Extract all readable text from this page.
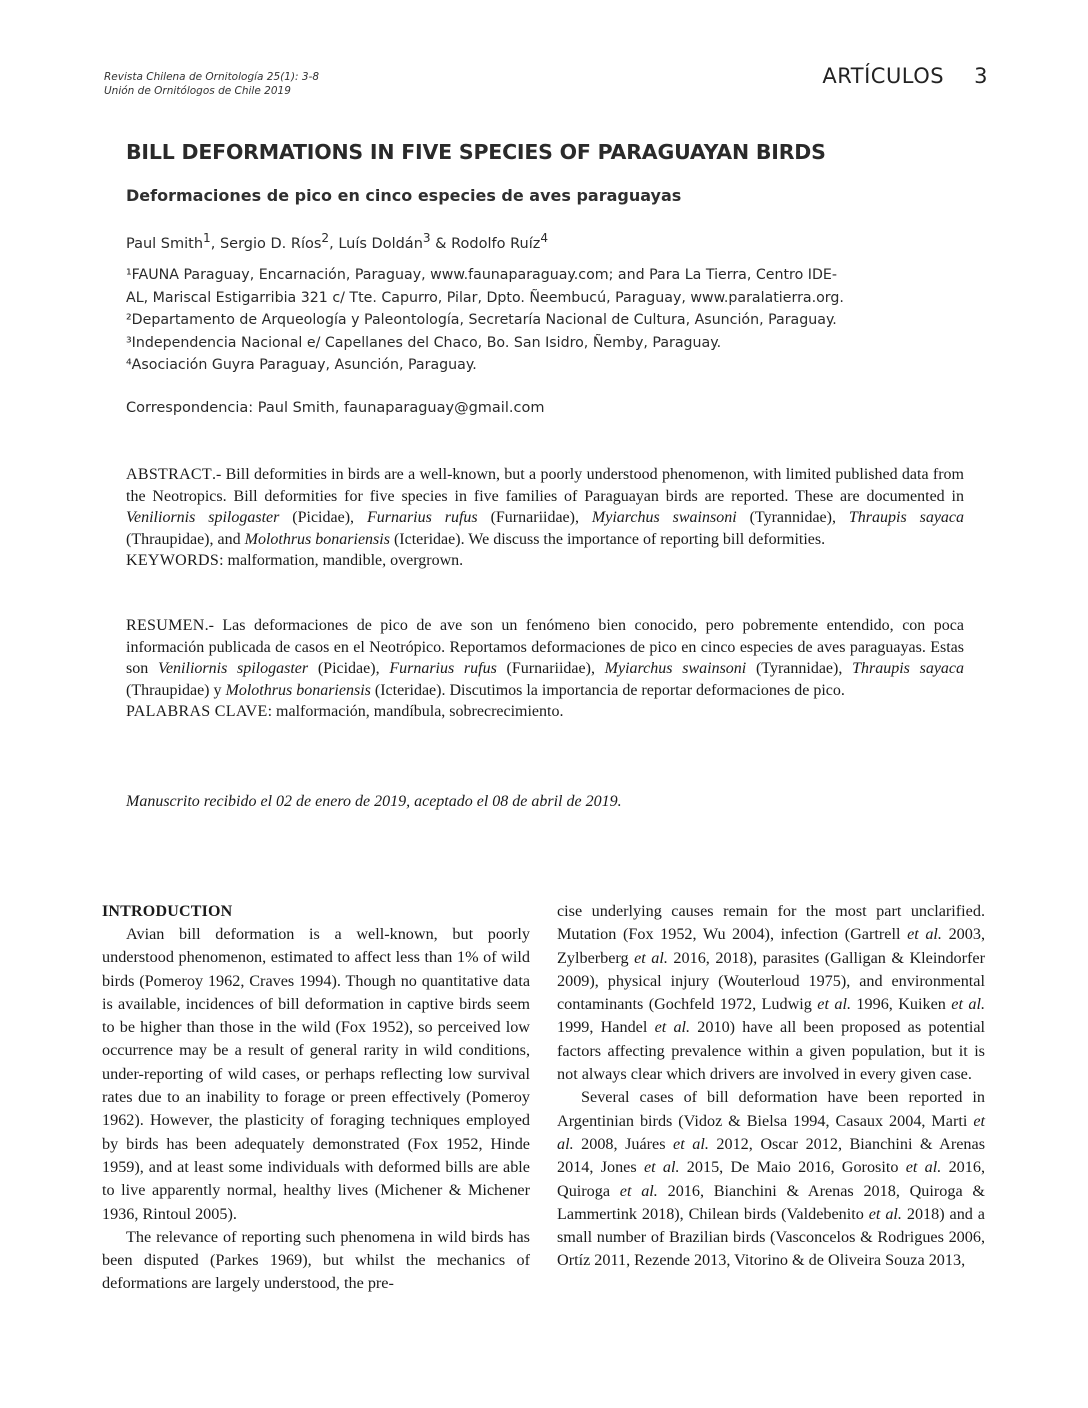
Revista Chilena de Ornitología 25(1): 3-8
Unión de Ornitólogos de Chile 2019
ARTÍCULOS 3
BILL DEFORMATIONS IN FIVE SPECIES OF PARAGUAYAN BIRDS
Deformaciones de pico en cinco especies de aves paraguayas
Paul Smith$^1$, Sergio D. Ríos$^2$, Luís Doldán$^3$ & Rodolfo Ruíz$^4$
¹FAUNA Paraguay, Encarnación, Paraguay, www.faunaparaguay.com; and Para La Tierra, Centro IDE-
AL, Mariscal Estigarribia 321 c/ Tte. Capurro, Pilar, Dpto. Ñeembucú, Paraguay, www.paralatierra.org.
²Departamento de Arqueología y Paleontología, Secretaría Nacional de Cultura, Asunción, Paraguay.
³Independencia Nacional e/ Capellanes del Chaco, Bo. San Isidro, Ñemby, Paraguay.
⁴Asociación Guyra Paraguay, Asunción, Paraguay.
Correspondencia: Paul Smith, faunaparaguay@gmail.com
ABSTRACT.- Bill deformities in birds are a well-known, but a poorly understood phenomenon, with limited published data from the Neotropics. Bill deformities for five species in five families of Paraguayan birds are reported. These are documented in Veniliornis spilogaster (Picidae), Furnarius rufus (Furnariidae), Myiarchus swainsoni (Tyrannidae), Thraupis sayaca (Thraupidae), and Molothrus bonariensis (Icteridae). We discuss the importance of reporting bill deformities.
KEYWORDS: malformation, mandible, overgrown.
RESUMEN.- Las deformaciones de pico de ave son un fenómeno bien conocido, pero pobremente entendido, con poca información publicada de casos en el Neotrópico. Reportamos deformaciones de pico en cinco especies de aves paraguayas. Estas son Veniliornis spilogaster (Picidae), Furnarius rufus (Furnariidae), Myiarchus swainsoni (Tyrannidae), Thraupis sayaca (Thraupidae) y Molothrus bonariensis (Icteridae). Discutimos la importancia de reportar deformaciones de pico.
PALABRAS CLAVE: malformación, mandíbula, sobrecrecimiento.
Manuscrito recibido el 02 de enero de 2019, aceptado el 08 de abril de 2019.
INTRODUCTION

Avian bill deformation is a well-known, but poorly understood phenomenon, estimated to affect less than 1% of wild birds (Pomeroy 1962, Craves 1994). Though no quantitative data is available, incidences of bill deformation in captive birds seem to be higher than those in the wild (Fox 1952), so perceived low occurrence may be a result of general rarity in wild conditions, under-reporting of wild cases, or perhaps reflecting low survival rates due to an inability to forage or preen effectively (Pomeroy 1962). However, the plasticity of foraging techniques employed by birds has been adequately demonstrated (Fox 1952, Hinde 1959), and at least some individuals with deformed bills are able to live apparently normal, healthy lives (Michener & Michener 1936, Rintoul 2005).

The relevance of reporting such phenomena in wild birds has been disputed (Parkes 1969), but whilst the mechanics of deformations are largely understood, the pre-

cise underlying causes remain for the most part unclarified. Mutation (Fox 1952, Wu 2004), infection (Gartrell et al. 2003, Zylberberg et al. 2016, 2018), parasites (Galligan & Kleindorfer 2009), physical injury (Wouterloud 1975), and environmental contaminants (Gochfeld 1972, Ludwig et al. 1996, Kuiken et al. 1999, Handel et al. 2010) have all been proposed as potential factors affecting prevalence within a given population, but it is not always clear which drivers are involved in every given case.

Several cases of bill deformation have been reported in Argentinian birds (Vidoz & Bielsa 1994, Casaux 2004, Marti et al. 2008, Juáres et al. 2012, Oscar 2012, Bianchini & Arenas 2014, Jones et al. 2015, De Maio 2016, Gorosito et al. 2016, Quiroga et al. 2016, Bianchini & Arenas 2018, Quiroga & Lammertink 2018), Chilean birds (Valdebenito et al. 2018) and a small number of Brazilian birds (Vasconcelos & Rodrigues 2006, Ortíz 2011, Rezende 2013, Vitorino & de Oliveira Souza 2013,
